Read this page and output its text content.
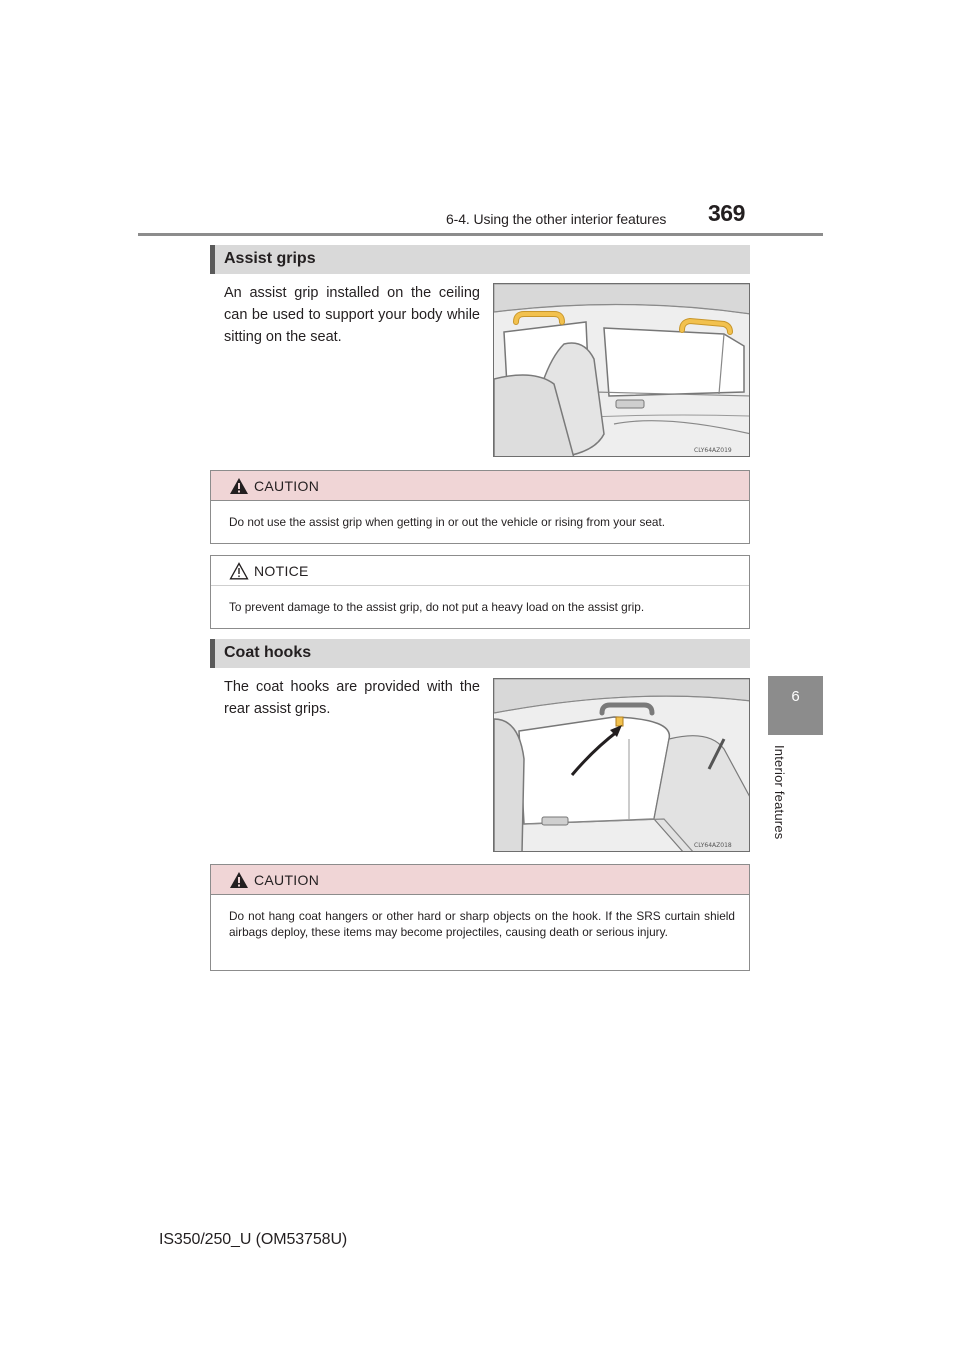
6-4. Using the other interior features 369
6
Interior features
Assist grips
An assist grip installed on the ceiling can be used to support your body while sitting on the seat.
CLY64AZ019
CAUTION
Do not use the assist grip when getting in or out the vehicle or rising from your seat.
NOTICE
To prevent damage to the assist grip, do not put a heavy load on the assist grip.
Coat hooks
The coat hooks are provided with the rear assist grips.
CLY64AZ018
CAUTION
Do not hang coat hangers or other hard or sharp objects on the hook. If the SRS curtain shield airbags deploy, these items may become projectiles, causing death or serious injury.
IS350/250_U (OM53758U)
